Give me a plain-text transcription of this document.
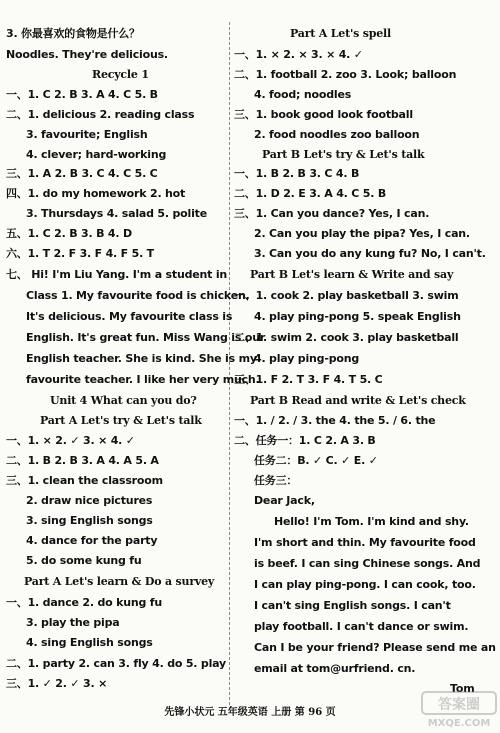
3. 你最喜欢的食物是什么？
Noodles. They're delicious.
Recycle 1
一、1. C 2. B 3. A 4. C 5. B
二、1. delicious 2. reading class
3. favourite; English
4. clever; hard-working
三、1. A 2. B 3. C 4. C 5. C
四、1. do my homework 2. hot
3. Thursdays 4. salad 5. polite
五、1. C 2. B 3. B 4. D
六、1. T 2. F 3. F 4. F 5. T
七、 Hi! I'm Liu Yang. I'm a student in
Class 1. My favourite food is chicken.
It's delicious. My favourite class is
English. It's great fun. Miss Wang is our
English teacher. She is kind. She is my
favourite teacher. I like her very much.
Unit 4 What can you do?
Part A Let's try & Let's talk
一、1. × 2. ✓ 3. × 4. ✓
二、1. B 2. B 3. A 4. A 5. A
三、1. clean the classroom
2. draw nice pictures
3. sing English songs
4. dance for the party
5. do some kung fu
Part A Let's learn & Do a survey
一、1. dance 2. do kung fu
3. play the pipa
4. sing English songs
二、1. party 2. can 3. fly 4. do 5. play
三、1. ✓ 2. ✓ 3. ×
Part A Let's spell
一、1. × 2. × 3. × 4. ✓
二、1. football 2. zoo 3. Look; balloon
4. food; noodles
三、1. book good look football
2. food noodles zoo balloon
Part B Let's try & Let's talk
一、1. B 2. B 3. C 4. B
二、1. D 2. E 3. A 4. C 5. B
三、1. Can you dance? Yes, I can.
2. Can you play the pipa? Yes, I can.
3. Can you do any kung fu? No, I can't.
Part B Let's learn & Write and say
一、1. cook 2. play basketball 3. swim
4. play ping-pong 5. speak English
二、1. swim 2. cook 3. play basketball
4. play ping-pong
三、1. F 2. T 3. F 4. T 5. C
Part B Read and write & Let's check
一、1. / 2. / 3. the 4. the 5. / 6. the
二、任务一：1. C 2. A 3. B
任务二：B. ✓ C. ✓ E. ✓
任务三：
Dear Jack,
Hello! I'm Tom. I'm kind and shy.
I'm short and thin. My favourite food
is beef. I can sing Chinese songs. And
I can play ping-pong. I can cook, too.
I can't sing English songs. I can't
play football. I can't dance or swim.
Can I be your friend? Please send me an
email at tom@urfriend. cn.
Tom
先锋小状元 五年级英语 上册 第 96 页	答案圈
MXQE.COM
